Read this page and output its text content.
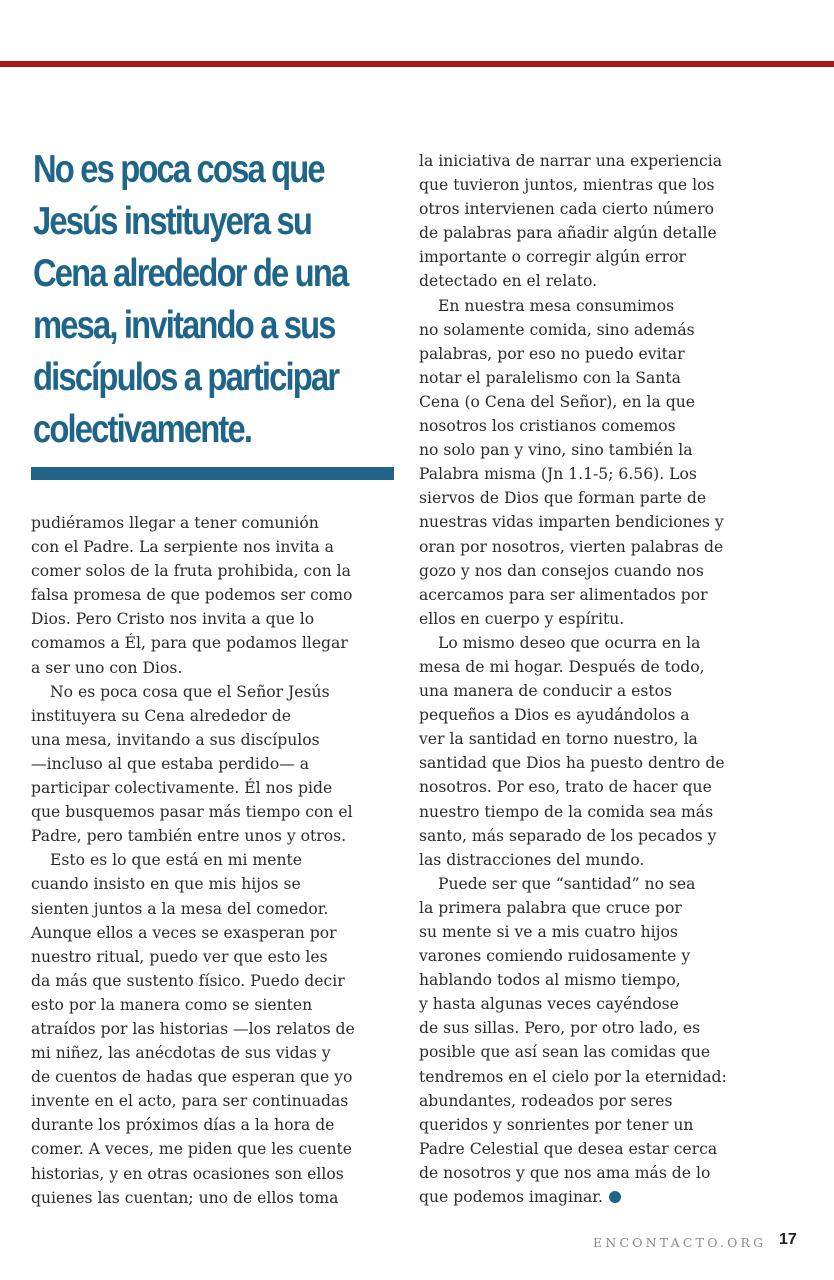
No es poca cosa que
Jesús instituyera su
Cena alrededor de una
mesa, invitando a sus
discípulos a participar
colectivamente.
pudiéramos llegar a tener comunión
con el Padre. La serpiente nos invita a
comer solos de la fruta prohibida, con la
falsa promesa de que podemos ser como
Dios. Pero Cristo nos invita a que lo
comamos a Él, para que podamos llegar
a ser uno con Dios.
No es poca cosa que el Señor Jesús
instituyera su Cena alrededor de
una mesa, invitando a sus discípulos
—incluso al que estaba perdido— a
participar colectivamente. Él nos pide
que busquemos pasar más tiempo con el
Padre, pero también entre unos y otros.
Esto es lo que está en mi mente
cuando insisto en que mis hijos se
sienten juntos a la mesa del comedor.
Aunque ellos a veces se exasperan por
nuestro ritual, puedo ver que esto les
da más que sustento físico. Puedo decir
esto por la manera como se sienten
atraídos por las historias —los relatos de
mi niñez, las anécdotas de sus vidas y
de cuentos de hadas que esperan que yo
invente en el acto, para ser continuadas
durante los próximos días a la hora de
comer. A veces, me piden que les cuente
historias, y en otras ocasiones son ellos
quienes las cuentan; uno de ellos toma
la iniciativa de narrar una experiencia
que tuvieron juntos, mientras que los
otros intervienen cada cierto número
de palabras para añadir algún detalle
importante o corregir algún error
detectado en el relato.
En nuestra mesa consumimos
no solamente comida, sino además
palabras, por eso no puedo evitar
notar el paralelismo con la Santa
Cena (o Cena del Señor), en la que
nosotros los cristianos comemos
no solo pan y vino, sino también la
Palabra misma (Jn 1.1-5; 6.56). Los
siervos de Dios que forman parte de
nuestras vidas imparten bendiciones y
oran por nosotros, vierten palabras de
gozo y nos dan consejos cuando nos
acercamos para ser alimentados por
ellos en cuerpo y espíritu.
Lo mismo deseo que ocurra en la
mesa de mi hogar. Después de todo,
una manera de conducir a estos
pequeños a Dios es ayudándolos a
ver la santidad en torno nuestro, la
santidad que Dios ha puesto dentro de
nosotros. Por eso, trato de hacer que
nuestro tiempo de la comida sea más
santo, más separado de los pecados y
las distracciones del mundo.
Puede ser que “santidad” no sea
la primera palabra que cruce por
su mente si ve a mis cuatro hijos
varones comiendo ruidosamente y
hablando todos al mismo tiempo,
y hasta algunas veces cayéndose
de sus sillas. Pero, por otro lado, es
posible que así sean las comidas que
tendremos en el cielo por la eternidad:
abundantes, rodeados por seres
queridos y sonrientes por tener un
Padre Celestial que desea estar cerca
de nosotros y que nos ama más de lo
que podemos imaginar.
ENCONTACTO.ORG 17
